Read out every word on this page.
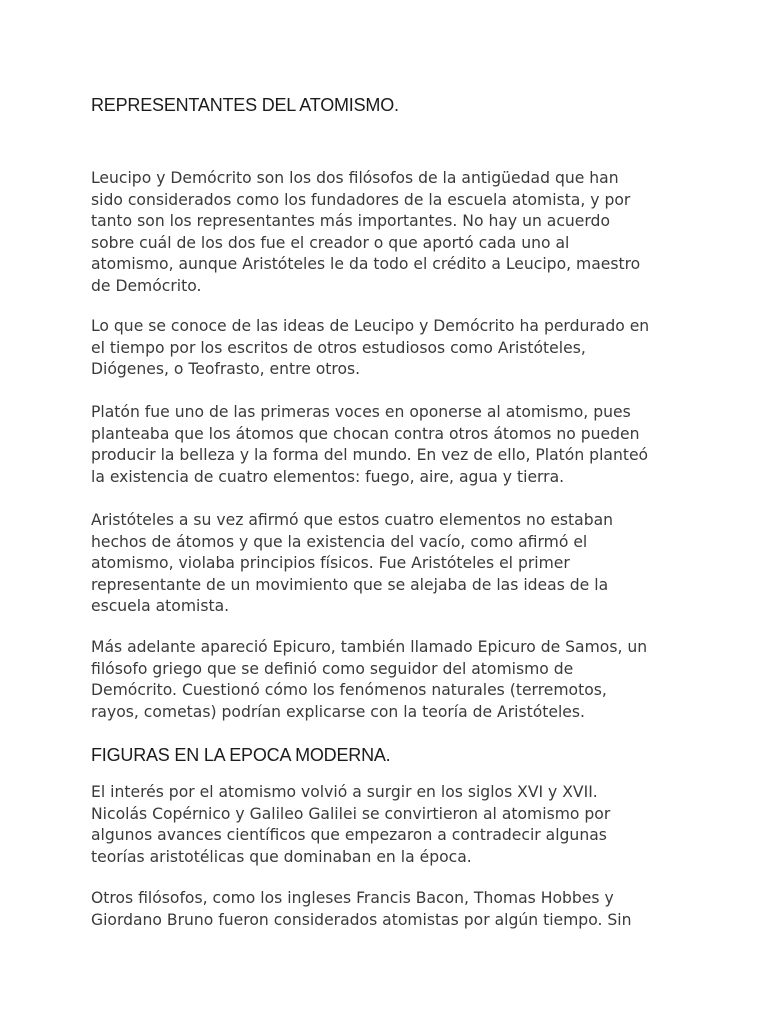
REPRESENTANTES DEL ATOMISMO.

Leucipo y Demócrito son los dos filósofos de la antigüedad que han
sido considerados como los fundadores de la escuela atomista, y por
tanto son los representantes más importantes. No hay un acuerdo
sobre cuál de los dos fue el creador o que aportó cada uno al
atomismo, aunque Aristóteles le da todo el crédito a Leucipo, maestro
de Demócrito.

Lo que se conoce de las ideas de Leucipo y Demócrito ha perdurado en
el tiempo por los escritos de otros estudiosos como Aristóteles,
Diógenes, o Teofrasto, entre otros.

Platón fue uno de las primeras voces en oponerse al atomismo, pues
planteaba que los átomos que chocan contra otros átomos no pueden
producir la belleza y la forma del mundo. En vez de ello, Platón planteó
la existencia de cuatro elementos: fuego, aire, agua y tierra.

Aristóteles a su vez afirmó que estos cuatro elementos no estaban
hechos de átomos y que la existencia del vacío, como afirmó el
atomismo, violaba principios físicos. Fue Aristóteles el primer
representante de un movimiento que se alejaba de las ideas de la
escuela atomista.

Más adelante apareció Epicuro, también llamado Epicuro de Samos, un
filósofo griego que se definió como seguidor del atomismo de
Demócrito. Cuestionó cómo los fenómenos naturales (terremotos,
rayos, cometas) podrían explicarse con la teoría de Aristóteles.

FIGURAS EN LA EPOCA MODERNA.

El interés por el atomismo volvió a surgir en los siglos XVI y XVII.
Nicolás Copérnico y Galileo Galilei se convirtieron al atomismo por
algunos avances científicos que empezaron a contradecir algunas
teorías aristotélicas que dominaban en la época.

Otros filósofos, como los ingleses Francis Bacon, Thomas Hobbes y
Giordano Bruno fueron considerados atomistas por algún tiempo. Sin
